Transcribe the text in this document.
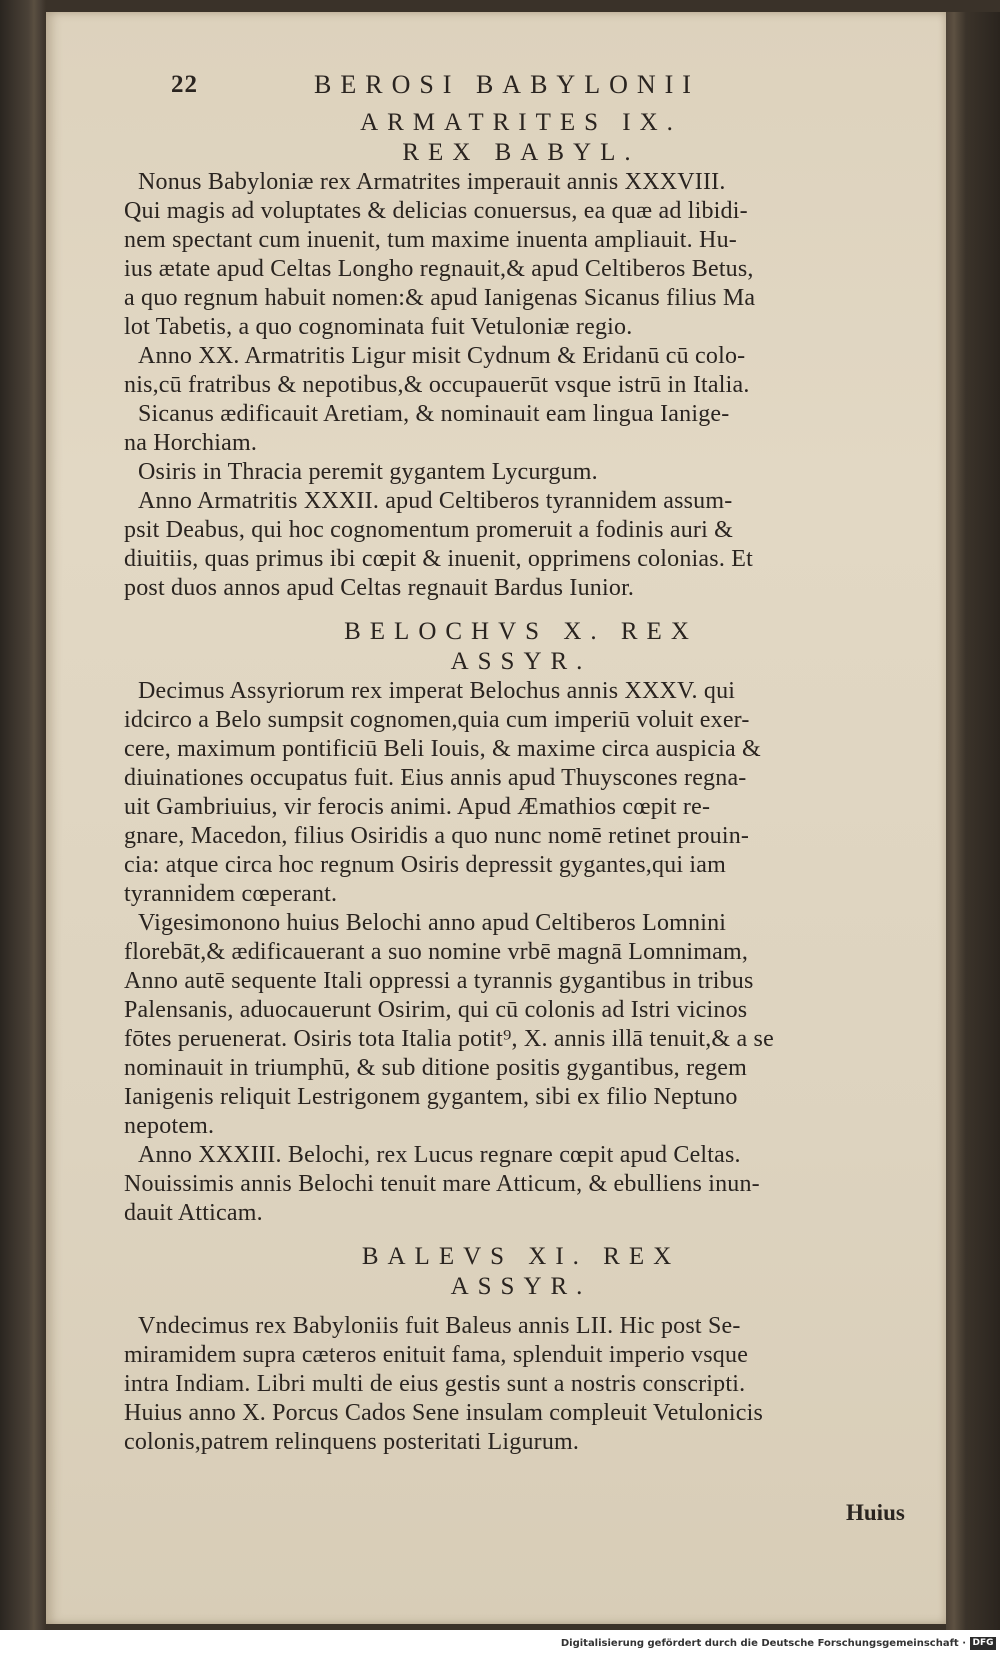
22	BEROSI BABYLONII
ARMATRITES IX.
REX BABYL.
Nonus Babyloniæ rex Armatrites imperauit annis XXXVIII.
Qui magis ad voluptates & delicias conuersus, ea quæ ad libidi-
nem spectant cum inuenit, tum maxime inuenta ampliauit. Hu-
ius ætate apud Celtas Longho regnauit,& apud Celtiberos Betus,
a quo regnum habuit nomen:& apud Ianigenas Sicanus filius Ma
lot Tabetis, a quo cognominata fuit Vetuloniæ regio.
Anno XX. Armatritis Ligur misit Cydnum & Eridanū cū colo-
nis,cū fratribus & nepotibus,& occupauerūt vsque istrū in Italia.
Sicanus ædificauit Aretiam, & nominauit eam lingua Ianige-
na Horchiam.
Osiris in Thracia peremit gygantem Lycurgum.
Anno Armatritis XXXII. apud Celtiberos tyrannidem assum-
psit Deabus, qui hoc cognomentum promeruit a fodinis auri &
diuitiis, quas primus ibi cœpit & inuenit, opprimens colonias. Et
post duos annos apud Celtas regnauit Bardus Iunior.
BELOCHVS X. REX
ASSYR.
Decimus Assyriorum rex imperat Belochus annis XXXV. qui
idcirco a Belo sumpsit cognomen,quia cum imperiū voluit exer-
cere, maximum pontificiū Beli Iouis, & maxime circa auspicia &
diuinationes occupatus fuit. Eius annis apud Thuyscones regna-
uit Gambriuius, vir ferocis animi. Apud Æmathios cœpit re-
gnare, Macedon, filius Osiridis a quo nunc nomē retinet prouin-
cia: atque circa hoc regnum Osiris depressit gygantes,qui iam
tyrannidem cœperant.
Vigesimonono huius Belochi anno apud Celtiberos Lomnini
florebāt,& ædificauerant a suo nomine vrbē magnā Lomnimam,
Anno autē sequente Itali oppressi a tyrannis gygantibus in tribus
Palensanis, aduocauerunt Osirim, qui cū colonis ad Istri vicinos
fōtes peruenerat. Osiris tota Italia potit⁹, X. annis illā tenuit,& a se
nominauit in triumphū, & sub ditione positis gygantibus, regem
Ianigenis reliquit Lestrigonem gygantem, sibi ex filio Neptuno
nepotem.
Anno XXXIII. Belochi, rex Lucus regnare cœpit apud Celtas.
Nouissimis annis Belochi tenuit mare Atticum, & ebulliens inun-
dauit Atticam.
BALEVS XI. REX
ASSYR.
Vndecimus rex Babyloniis fuit Baleus annis LII. Hic post Se-
miramidem supra cæteros enituit fama, splenduit imperio vsque
intra Indiam. Libri multi de eius gestis sunt a nostris conscripti.
Huius anno X. Porcus Cados Sene insulam compleuit Vetulonicis
colonis,patrem relinquens posteritati Ligurum.
Huius
Digitalisierung gefördert durch die Deutsche Forschungsgemeinschaft · DFG
